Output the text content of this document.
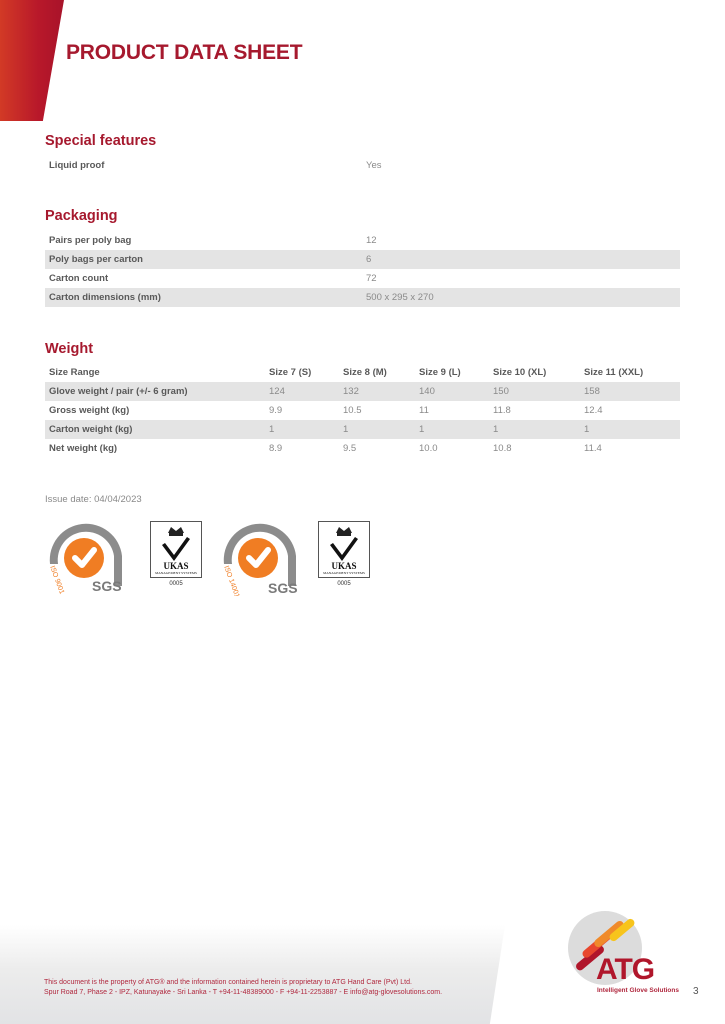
PRODUCT DATA SHEET
Special features
Liquid proof	Yes
Packaging
Pairs per poly bag	12
Poly bags per carton	6
Carton count	72
Carton dimensions (mm)	500 x 295 x 270
Weight
Size Range	Size 7 (S)	Size 8 (M)	Size 9 (L)	Size 10 (XL)	Size 11 (XXL)
Glove weight / pair (+/- 6 gram)	124	132	140	150	158
Gross weight (kg)	9.9	10.5	11	11.8	12.4
Carton weight (kg)	1	1	1	1	1
Net weight (kg)	8.9	9.5	10.0	10.8	11.4
Issue date: 04/04/2023
ISO 9001 SGS
UKAS
MANAGEMENT SYSTEMS
0005	ISO 14001 SGS
UKAS
MANAGEMENT SYSTEMS
0005
This document is the property of ATG® and the information contained herein is proprietary to ATG Hand Care (Pvt) Ltd.
Spur Road 7, Phase 2 - IPZ, Katunayake - Sri Lanka - T +94-11-48389000 - F +94-11-2253887 - E info@atg-glovesolutions.com.
ATG
Intelligent Glove Solutions 3
